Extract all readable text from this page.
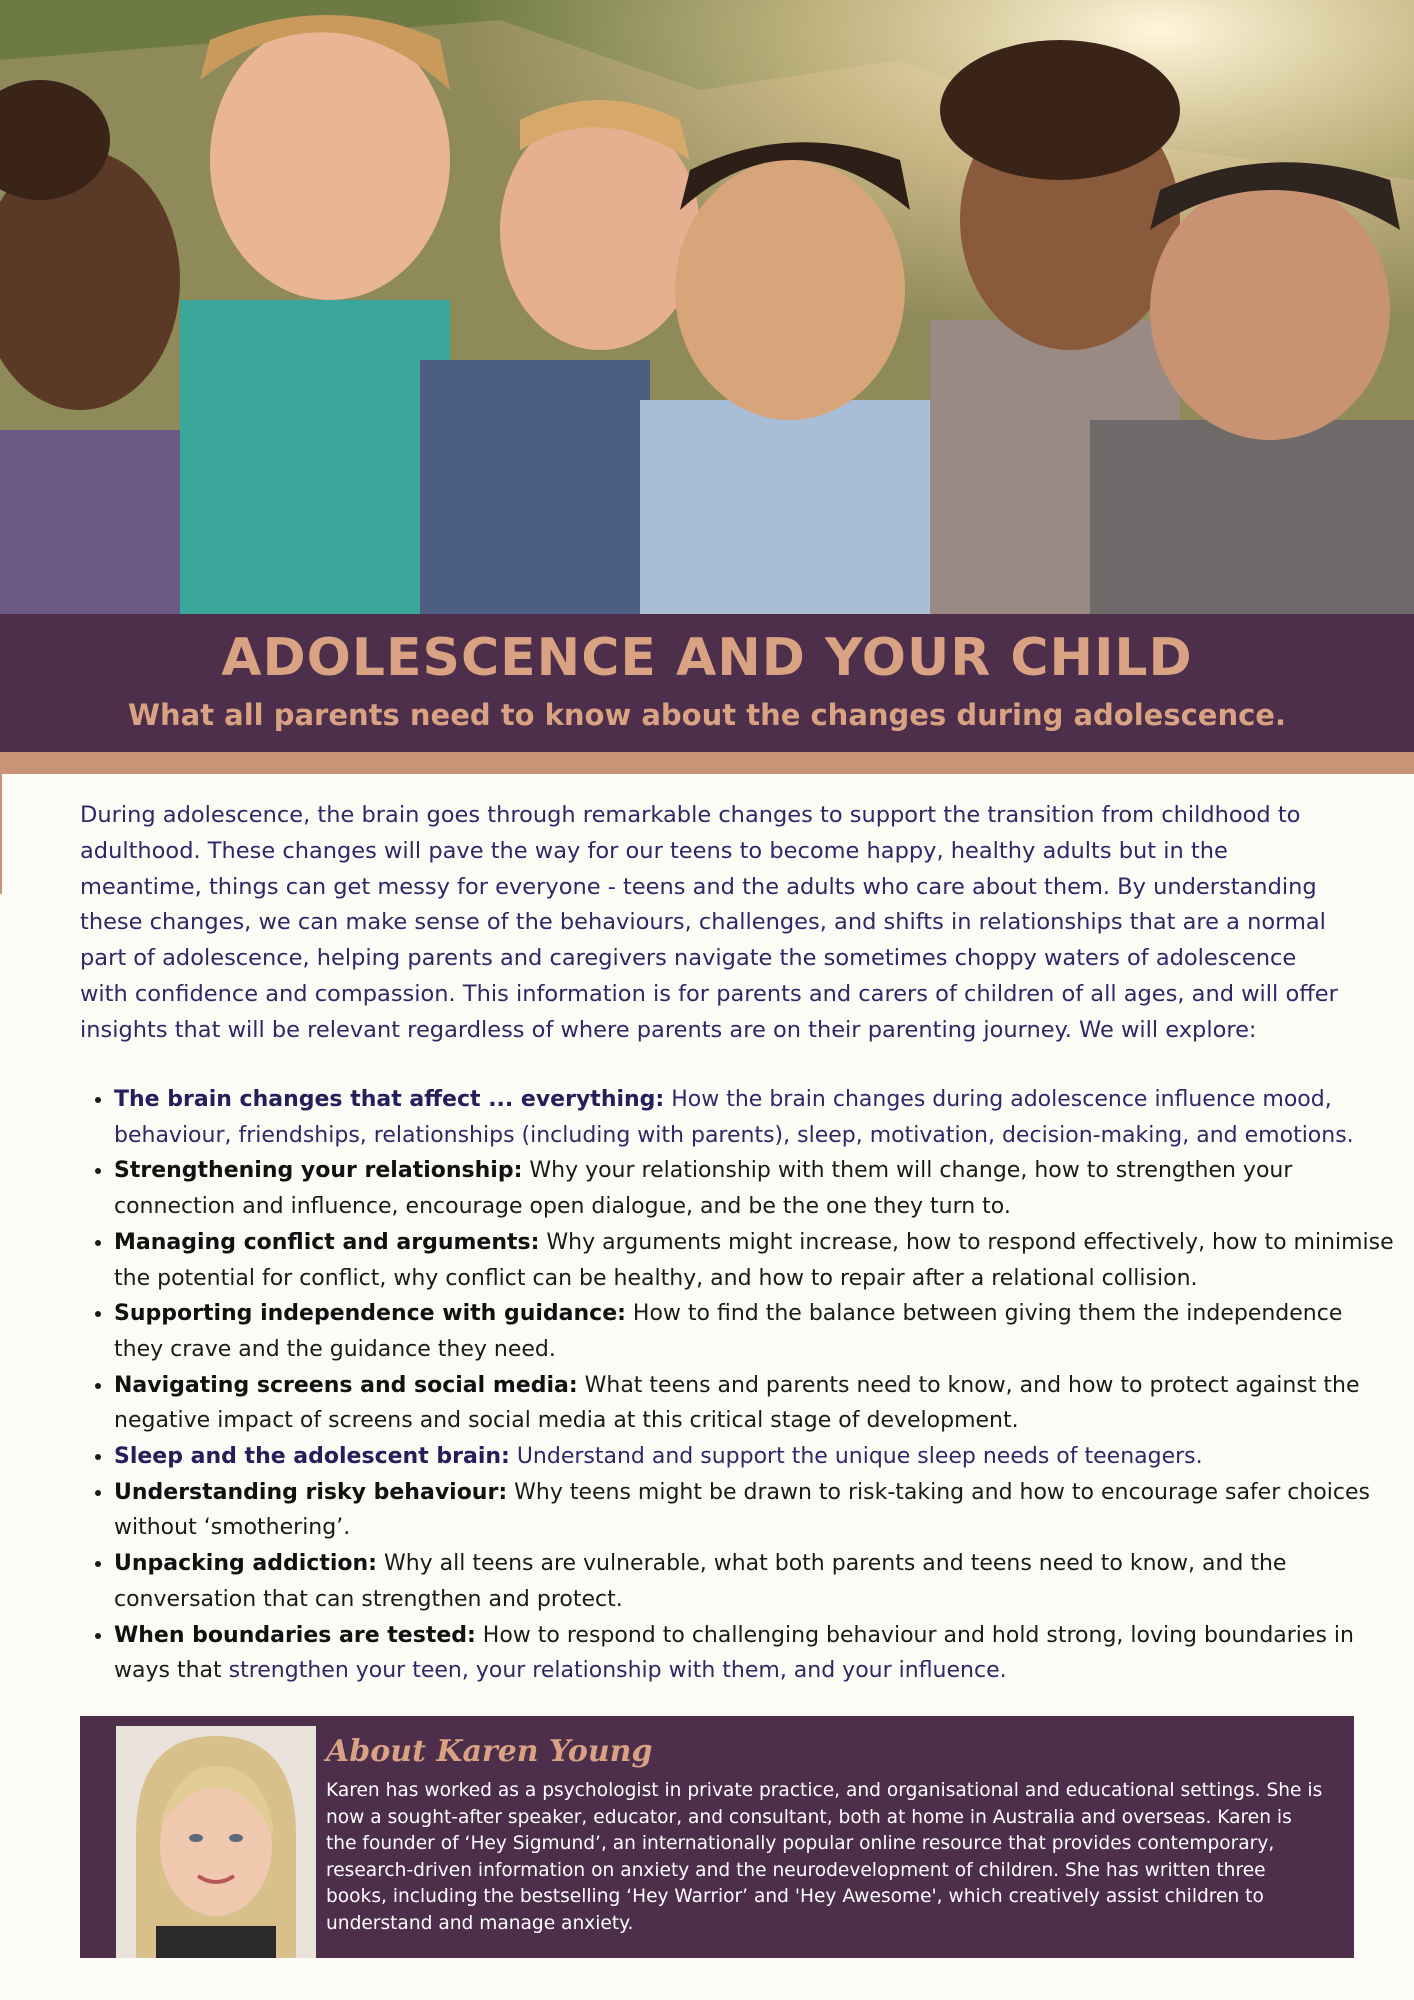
ADOLESCENCE AND YOUR CHILD
What all parents need to know about the changes during adolescence.

During adolescence, the brain goes through remarkable changes to support the transition from childhood to adulthood. These changes will pave the way for our teens to become happy, healthy adults but in the meantime, things can get messy for everyone - teens and the adults who care about them. By understanding these changes, we can make sense of the behaviours, challenges, and shifts in relationships that are a normal part of adolescence, helping parents and caregivers navigate the sometimes choppy waters of adolescence with confidence and compassion. This information is for parents and carers of children of all ages, and will offer insights that will be relevant regardless of where parents are on their parenting journey. We will explore:

• The brain changes that affect ... everything: How the brain changes during adolescence influence mood, behaviour, friendships, relationships (including with parents), sleep, motivation, decision-making, and emotions.
• Strengthening your relationship: Why your relationship with them will change, how to strengthen your connection and influence, encourage open dialogue, and be the one they turn to.
• Managing conflict and arguments: Why arguments might increase, how to respond effectively, how to minimise the potential for conflict, why conflict can be healthy, and how to repair after a relational collision.
• Supporting independence with guidance: How to find the balance between giving them the independence they crave and the guidance they need.
• Navigating screens and social media: What teens and parents need to know, and how to protect against the negative impact of screens and social media at this critical stage of development.
• Sleep and the adolescent brain: Understand and support the unique sleep needs of teenagers.
• Understanding risky behaviour: Why teens might be drawn to risk-taking and how to encourage safer choices without ‘smothering’.
• Unpacking addiction: Why all teens are vulnerable, what both parents and teens need to know, and the conversation that can strengthen and protect.
• When boundaries are tested: How to respond to challenging behaviour and hold strong, loving boundaries in ways that strengthen your teen, your relationship with them, and your influence.
About Karen Young

Karen has worked as a psychologist in private practice, and organisational and educational settings. She is now a sought-after speaker, educator, and consultant, both at home in Australia and overseas. Karen is the founder of ‘Hey Sigmund’, an internationally popular online resource that provides contemporary, research-driven information on anxiety and the neurodevelopment of children. She has written three books, including the bestselling ‘Hey Warrior’ and 'Hey Awesome', which creatively assist children to understand and manage anxiety.
